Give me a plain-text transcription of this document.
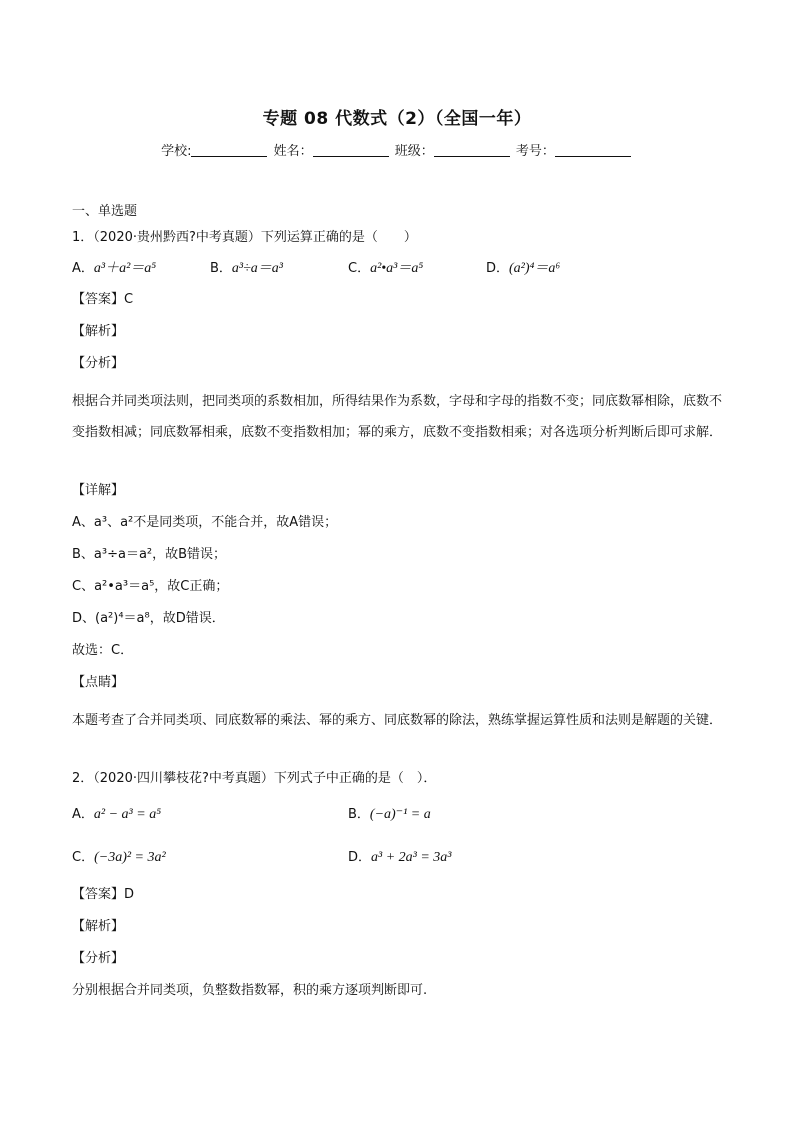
专题 08 代数式（2）（全国一年）
学校:	姓名：	班级：	考号：
一、单选题
1．（2020·贵州黔西?中考真题）下列运算正确的是（　　）
A．a³＋a²＝a⁵	B．a³÷a＝a³	C．a²•a³＝a⁵	D．(a²)⁴＝a⁶
【答案】C
【解析】
【分析】
根据合并同类项法则，把同类项的系数相加，所得结果作为系数，字母和字母的指数不变；同底数幂相除，底数不变指数相减；同底数幂相乘，底数不变指数相加；幂的乘方，底数不变指数相乘；对各选项分析判断后即可求解．
【详解】
A、a³、a²不是同类项，不能合并，故A错误；
B、a³÷a＝a²，故B错误；
C、a²•a³＝a⁵，故C正确；
D、(a²)⁴＝a⁸，故D错误．
故选：C．
【点睛】
本题考查了合并同类项、同底数幂的乘法、幂的乘方、同底数幂的除法，熟练掌握运算性质和法则是解题的关键．
2．（2020·四川攀枝花?中考真题）下列式子中正确的是（　）．
A．a² − a³ = a⁵	B．(−a)⁻¹ = a
C．(−3a)² = 3a²	D．a³ + 2a³ = 3a³
【答案】D
【解析】
【分析】
分别根据合并同类项，负整数指数幂，积的乘方逐项判断即可.
